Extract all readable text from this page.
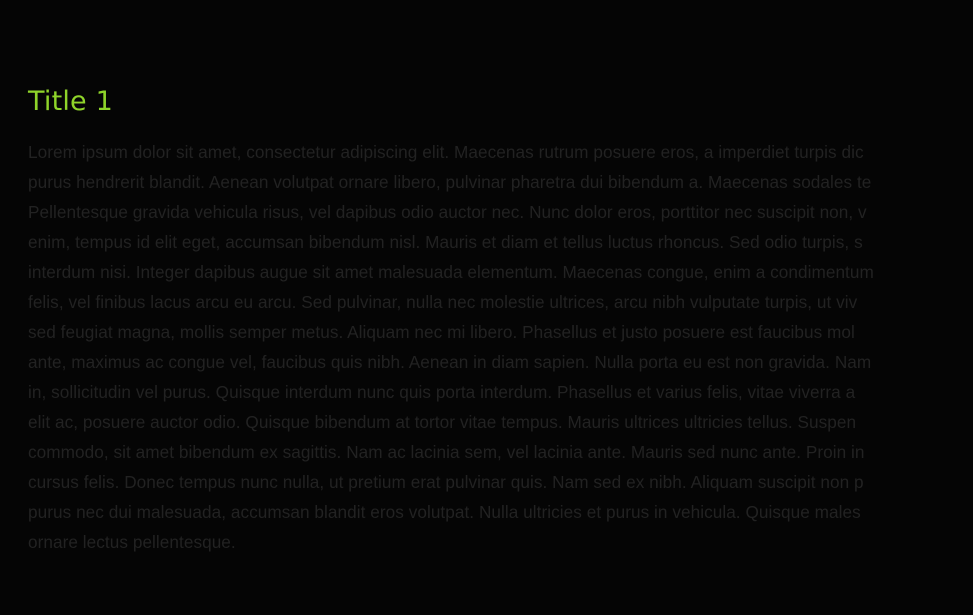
Title 1
Lorem ipsum dolor sit amet, consectetur adipiscing elit. Maecenas rutrum posuere eros, a imperdiet turpis dic
purus hendrerit blandit. Aenean volutpat ornare libero, pulvinar pharetra dui bibendum a. Maecenas sodales te
Pellentesque gravida vehicula risus, vel dapibus odio auctor nec. Nunc dolor eros, porttitor nec suscipit non, v
enim, tempus id elit eget, accumsan bibendum nisl. Mauris et diam et tellus luctus rhoncus. Sed odio turpis, s
interdum nisi. Integer dapibus augue sit amet malesuada elementum. Maecenas congue, enim a condimentum
felis, vel finibus lacus arcu eu arcu. Sed pulvinar, nulla nec molestie ultrices, arcu nibh vulputate turpis, ut viv
sed feugiat magna, mollis semper metus. Aliquam nec mi libero. Phasellus et justo posuere est faucibus mol
ante, maximus ac congue vel, faucibus quis nibh. Aenean in diam sapien. Nulla porta eu est non gravida. Nam
in, sollicitudin vel purus. Quisque interdum nunc quis porta interdum. Phasellus et varius felis, vitae viverra a
elit ac, posuere auctor odio. Quisque bibendum at tortor vitae tempus. Mauris ultrices ultricies tellus. Suspen
commodo, sit amet bibendum ex sagittis. Nam ac lacinia sem, vel lacinia ante. Mauris sed nunc ante. Proin in
cursus felis. Donec tempus nunc nulla, ut pretium erat pulvinar quis. Nam sed ex nibh. Aliquam suscipit non p
purus nec dui malesuada, accumsan blandit eros volutpat. Nulla ultricies et purus in vehicula. Quisque males
ornare lectus pellentesque.
